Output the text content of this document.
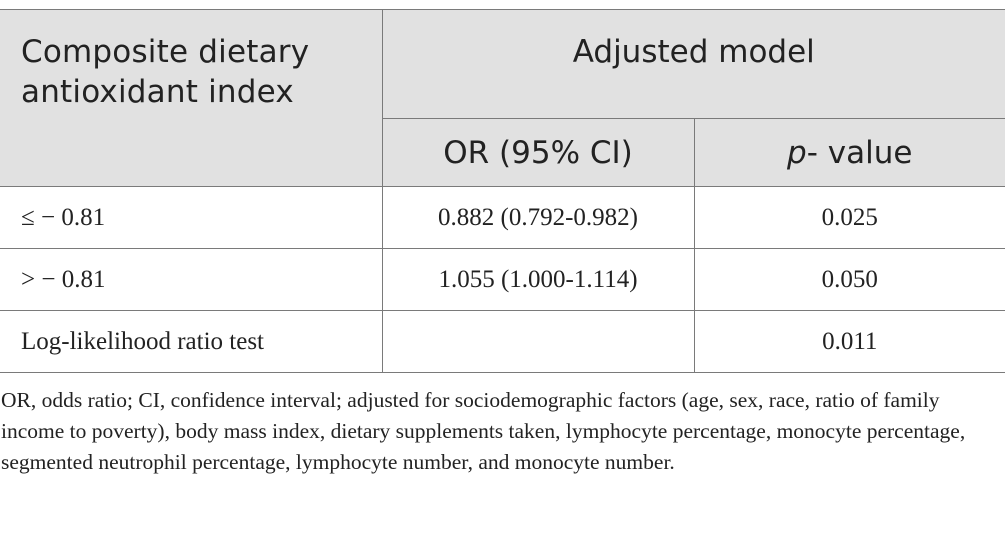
Composite dietary antioxidant index	Adjusted model	
	OR (95% CI)	p- value
≤ − 0.81	0.882 (0.792-0.982)	0.025
> − 0.81	1.055 (1.000-1.114)	0.050
Log-likelihood ratio test		0.011

OR, odds ratio; CI, confidence interval; adjusted for sociodemographic factors (age, sex, race, ratio of family income to poverty), body mass index, dietary supplements taken, lymphocyte percentage, monocyte percentage, segmented neutrophil percentage, lymphocyte number, and monocyte number.
